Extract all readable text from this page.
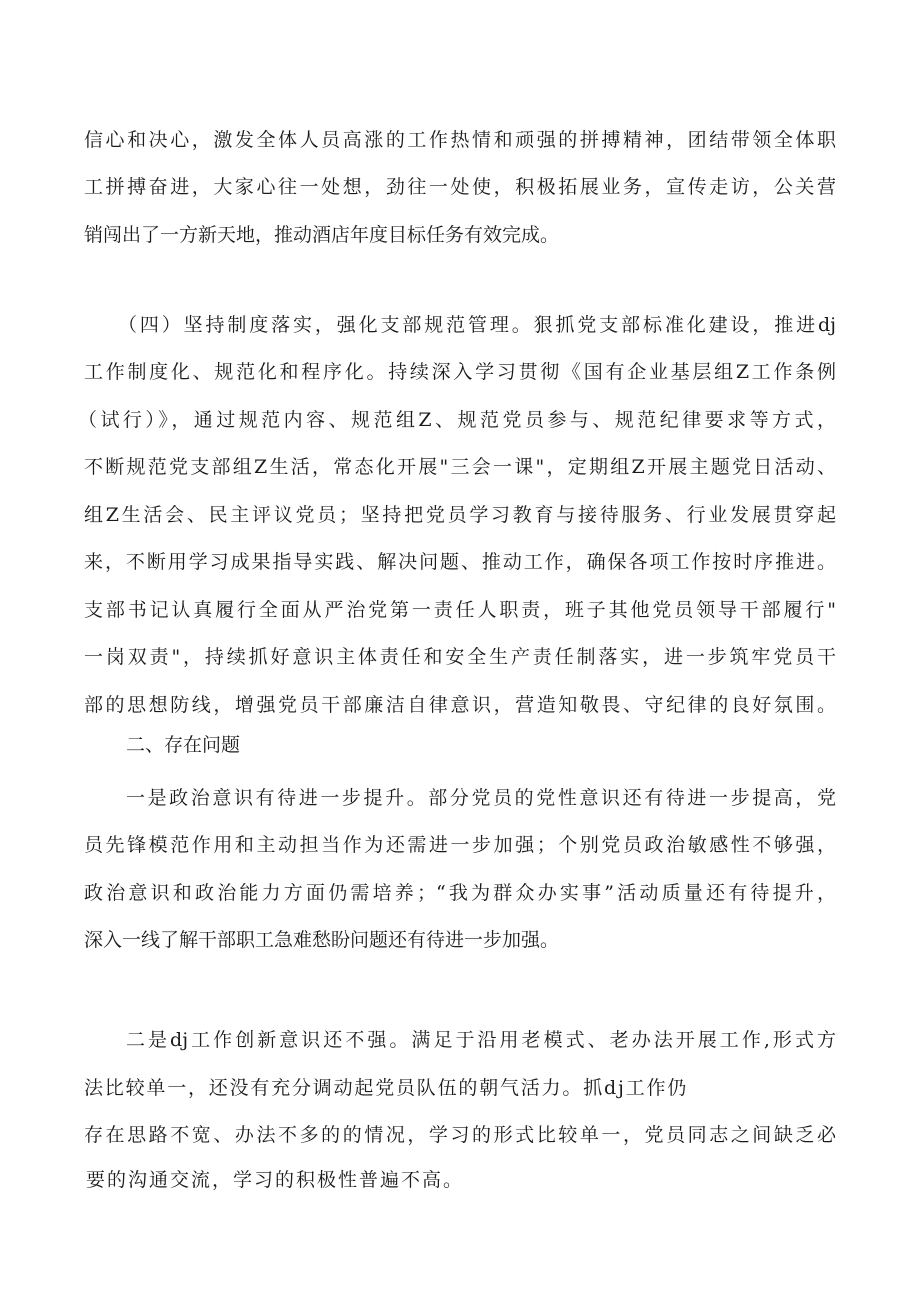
信心和决心，激发全体人员高涨的工作热情和顽强的拼搏精神，团结带领全体职
工拼搏奋进，大家心往一处想，劲往一处使，积极拓展业务，宣传走访，公关营
销闯出了一方新天地，推动酒店年度目标任务有效完成。
（四）坚持制度落实，强化支部规范管理。狠抓党支部标准化建设，推进dj
工作制度化、规范化和程序化。持续深入学习贯彻《国有企业基层组Z工作条例
（试行）》，通过规范内容、规范组Z、规范党员参与、规范纪律要求等方式，
不断规范党支部组Z生活，常态化开展"三会一课"，定期组Z开展主题党日活动、
组Z生活会、民主评议党员；坚持把党员学习教育与接待服务、行业发展贯穿起
来，不断用学习成果指导实践、解决问题、推动工作，确保各项工作按时序推进。
支部书记认真履行全面从严治党第一责任人职责，班子其他党员领导干部履行"
一岗双责"，持续抓好意识主体责任和安全生产责任制落实，进一步筑牢党员干
部的思想防线，增强党员干部廉洁自律意识，营造知敬畏、守纪律的良好氛围。
二、存在问题
一是政治意识有待进一步提升。部分党员的党性意识还有待进一步提高，党
员先锋模范作用和主动担当作为还需进一步加强；个别党员政治敏感性不够强，
政治意识和政治能力方面仍需培养；“我为群众办实事”活动质量还有待提升，
深入一线了解干部职工急难愁盼问题还有待进一步加强。
二是dj工作创新意识还不强。满足于沿用老模式、老办法开展工作,形式方
法比较单一，还没有充分调动起党员队伍的朝气活力。抓dj工作仍
存在思路不宽、办法不多的的情况，学习的形式比较单一，党员同志之间缺乏必
要的沟通交流，学习的积极性普遍不高。
